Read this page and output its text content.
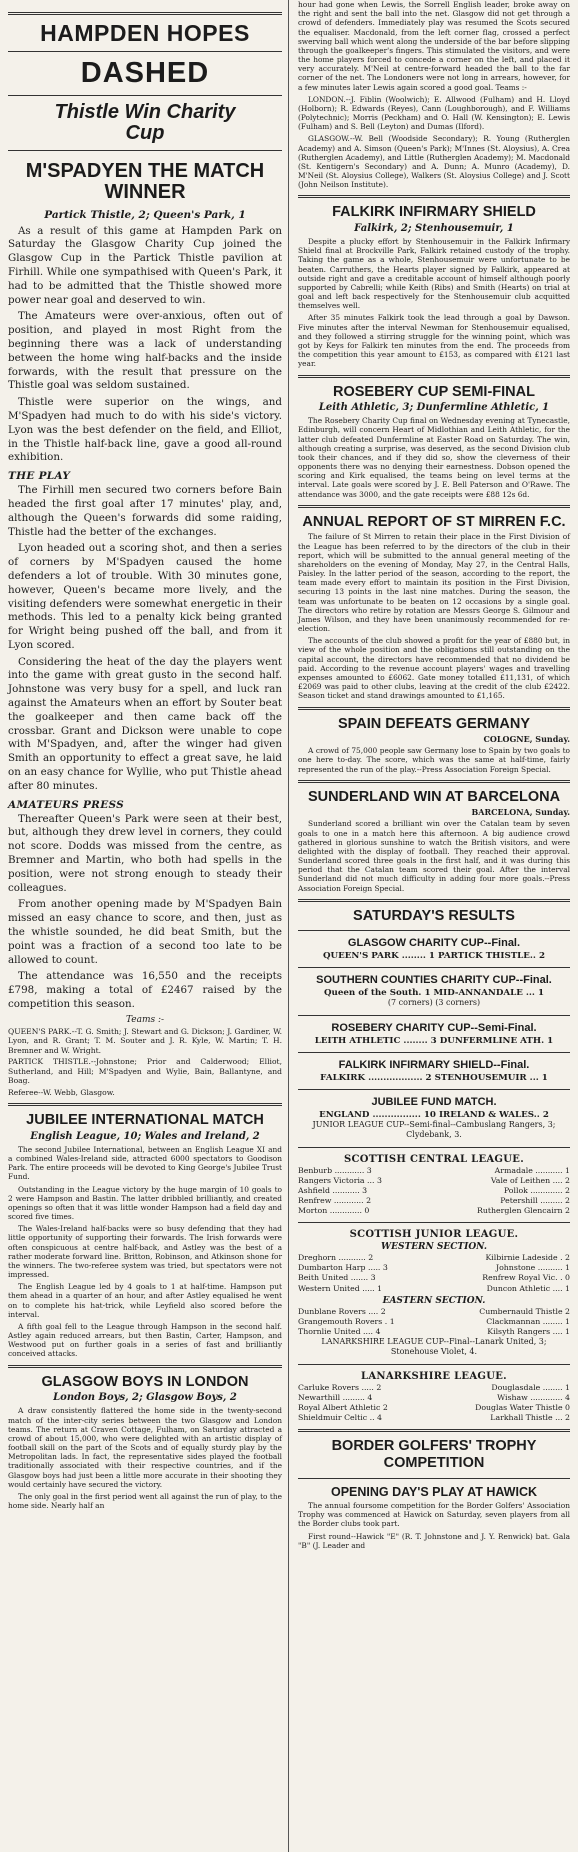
HAMPDEN HOPES
DASHED
Thistle Win Charity
Cup
M'SPADYEN THE MATCH WINNER
Partick Thistle, 2; Queen's Park, 1

As a result of this game at Hampden Park on Saturday the Glasgow Charity Cup joined the Glasgow Cup in the Partick Thistle pavilion at Firhill. While one sympathised with Queen's Park, it had to be admitted that the Thistle showed more power near goal and deserved to win.

The Amateurs were over-anxious, often out of position, and played in most Right from the beginning there was a lack of understanding between the home wing half-backs and the inside forwards, with the result that pressure on the Thistle goal was seldom sustained.

Thistle were superior on the wings, and M'Spadyen had much to do with his side's victory. Lyon was the best defender on the field, and Elliot, in the Thistle half-back line, gave a good all-round exhibition.

THE PLAY

The Firhill men secured two corners before Bain headed the first goal after 17 minutes' play, and, although the Queen's forwards did some raiding, Thistle had the better of the exchanges.

Lyon headed out a scoring shot, and then a series of corners by M'Spadyen caused the home defenders a lot of trouble. With 30 minutes gone, however, Queen's became more lively, and the visiting defenders were somewhat energetic in their methods. This led to a penalty kick being granted for Wright being pushed off the ball, and from it Lyon scored.

Considering the heat of the day the players went into the game with great gusto in the second half. Johnstone was very busy for a spell, and luck ran against the Amateurs when an effort by Souter beat the goalkeeper and then came back off the crossbar. Grant and Dickson were unable to cope with M'Spadyen, and, after the winger had given Smith an opportunity to effect a great save, he laid on an easy chance for Wyllie, who put Thistle ahead after 80 minutes.

AMATEURS PRESS

Thereafter Queen's Park were seen at their best, but, although they drew level in corners, they could not score. Dodds was missed from the centre, as Bremner and Martin, who both had spells in the position, were not strong enough to steady their colleagues.

From another opening made by M'Spadyen Bain missed an easy chance to score, and then, just as the whistle sounded, he did beat Smith, but the point was a fraction of a second too late to be allowed to count.

The attendance was 16,550 and the receipts £798, making a total of £2467 raised by the competition this season.

Teams :-
QUEEN'S PARK.--T. G. Smith; J. Stewart and G. Dickson; J. Gardiner, W. Lyon, and R. Grant; T. M. Souter and J. R. Kyle, W. Martin; T. H. Bremner and W. Wright.
PARTICK THISTLE.--Johnstone; Prior and Calderwood; Elliot, Sutherland, and Hill; M'Spadyen and Wylie, Bain, Ballantyne, and Boag.
Referee--W. Webb, Glasgow.
JUBILEE INTERNATIONAL MATCH
English League, 10; Wales and Ireland, 2

The second Jubilee International, between an English League XI and a combined Wales-Ireland side, attracted 6000 spectators to Goodison Park. The entire proceeds will be devoted to King George's Jubilee Trust Fund.

Outstanding in the League victory by the huge margin of 10 goals to 2 were Hampson and Bastin. The latter dribbled brilliantly, and created openings so often that it was little wonder Hampson had a field day and scored five times.

The Wales-Ireland half-backs were so busy defending that they had little opportunity of supporting their forwards. The Irish forwards were often conspicuous at centre half-back, and Astley was the best of a rather moderate forward line. Britton, Robinson, and Atkinson shone for the winners. The two-referee system was tried, but spectators were not impressed.

The English League led by 4 goals to 1 at half-time. Hampson put them ahead in a quarter of an hour, and after Astley equalised he went on to complete his hat-trick, while Leyfield also scored before the interval.

A fifth goal fell to the League through Hampson in the second half. Astley again reduced arrears, but then Bastin, Carter, Hampson, and Westwood put on further goals in a series of fast and brilliantly conceived attacks.

GLASGOW BOYS IN LONDON
London Boys, 2; Glasgow Boys, 2

A draw consistently flattered the home side in the twenty-second match of the inter-city series between the two Glasgow and London teams. The return at Craven Cottage, Fulham, on Saturday attracted a crowd of about 15,000, who were delighted with an artistic display of football skill on the part of the Scots and of equally sturdy play by the Metropolitan lads. In fact, the representative sides played the football traditionally associated with their respective countries, and if the Glasgow boys had just been a little more accurate in their shooting they would certainly have secured the victory.

The only goal in the first period went all against the run of play, to the home side. Nearly half an

hour had gone when Lewis, the Sorrell English leader, broke away on the right and sent the ball into the net. Glasgow did not get through a crowd of defenders. Immediately play was resumed the Scots secured the equaliser. Macdonald, from the left corner flag, crossed a perfect swerving ball which went along the underside of the bar before slipping through the goalkeeper's fingers. This stimulated the visitors, and were the home players forced to concede a corner on the left, and placed it very accurately. M'Neil at centre-forward headed the ball to the far corner of the net. The Londoners were not long in arrears, however, for a few minutes later Lewis again scored a good goal. Teams :-

LONDON.--J. Fiblin (Woolwich); E. Allwood (Fulham) and H. Lloyd (Holborn); R. Edwards (Reyes), Cann (Loughborough), and F. Williams (Polytechnic); Morris (Peckham) and O. Hall (W. Kensington); E. Lewis (Fulham) and S. Bell (Leyton) and Dumas (Ilford).

GLASGOW.--W. Bell (Woodside Secondary); R. Young (Rutherglen Academy) and A. Simson (Queen's Park); M'Innes (St. Aloysius), A. Crea (Rutherglen Academy), and Little (Rutherglen Academy); M. Macdonald (St. Kentigern's Secondary) and A. Dunn; A. Munro (Academy), D. M'Neil (St. Aloysius College), Walkers (St. Aloysius College) and J. Scott (John Neilson Institute).

FALKIRK INFIRMARY SHIELD
Falkirk, 2; Stenhousemuir, 1

Despite a plucky effort by Stenhousemuir in the Falkirk Infirmary Shield final at Brockville Park, Falkirk retained custody of the trophy. Taking the game as a whole, Stenhousemuir were unfortunate to be beaten. Carruthers, the Hearts player signed by Falkirk, appeared at outside right and gave a creditable account of himself although poorly supported by Cabrelli; while Keith (Ribs) and Smith (Hearts) on trial at goal and left back respectively for the Stenhousemuir club acquitted themselves well.

After 35 minutes Falkirk took the lead through a goal by Dawson. Five minutes after the interval Newman for Stenhousemuir equalised, and they followed a stirring struggle for the winning point, which was got by Keys for Falkirk ten minutes from the end. The proceeds from the competition this year amount to £153, as compared with £121 last year.

ROSEBERY CUP SEMI-FINAL
Leith Athletic, 3; Dunfermline Athletic, 1

The Rosebery Charity Cup final on Wednesday evening at Tynecastle, Edinburgh, will concern Heart of Midlothian and Leith Athletic, for the latter club defeated Dunfermline at Easter Road on Saturday. The win, although creating a surprise, was deserved, as the second Division club took their chances, and if they did so, show the cleverness of their opponents there was no denying their earnestness. Dobson opened the scoring and Kirk equalised, the teams being on level terms at the interval. Late goals were scored by J. E. Bell Paterson and O'Rawe. The attendance was 3000, and the gate receipts were £88 12s 6d.

ANNUAL REPORT OF ST MIRREN F.C.

The failure of St Mirren to retain their place in the First Division of the League has been referred to by the directors of the club in their report, which will be submitted to the annual general meeting of the shareholders on the evening of Monday, May 27, in the Central Halls, Paisley. In the latter period of the season, according to the report, the team made every effort to maintain its position in the First Division, securing 13 points in the last nine matches. During the season, the team was unfortunate to be beaten on 12 occasions by a single goal. The directors who retire by rotation are Messrs George S. Gilmour and James Wilson, and they have been unanimously recommended for re-election.

The accounts of the club showed a profit for the year of £880 but, in view of the whole position and the obligations still outstanding on the capital account, the directors have recommended that no dividend be paid. According to the revenue account players' wages and travelling expenses amounted to £6062. Gate money totalled £11,131, of which £2069 was paid to other clubs, leaving at the credit of the club £2422. Season ticket and stand drawings amounted to £1,165.

SPAIN DEFEATS GERMANY
COLOGNE, Sunday.

A crowd of 75,000 people saw Germany lose to Spain by two goals to one here to-day. The score, which was the same at half-time, fairly represented the run of the play.--Press Association Foreign Special.

SUNDERLAND WIN AT BARCELONA
BARCELONA, Sunday.

Sunderland scored a brilliant win over the Catalan team by seven goals to one in a match here this afternoon. A big audience crowd gathered in glorious sunshine to watch the British visitors, and were delighted with the display of football. They reached their approval. Sunderland scored three goals in the first half, and it was during this period that the Catalan team scored their goal. After the interval Sunderland did not much difficulty in adding four more goals.--Press Association Foreign Special.

SATURDAY'S RESULTS
GLASGOW CHARITY CUP--Final.
QUEEN'S PARK ........ 1 PARTICK THISTLE.. 2
SOUTHERN COUNTIES CHARITY CUP--Final.
Queen of the South. 1 MID-ANNANDALE ... 1
(7 corners) (3 corners)
ROSEBERY CHARITY CUP--Semi-Final.
LEITH ATHLETIC ........ 3 DUNFERMLINE ATH. 1
FALKIRK INFIRMARY SHIELD--Final.
FALKIRK .................. 2 STENHOUSEMUIR ... 1
JUBILEE FUND MATCH.
ENGLAND ................ 10 IRELAND & WALES.. 2
JUNIOR LEAGUE CUP--Semi-final--Cambuslang Rangers, 3; Clydebank, 3.
SCOTTISH CENTRAL LEAGUE.
Benburb ............ 3	Armadale ........... 1
Rangers Victoria ... 3	Vale of Leithen .... 2
Ashfield ........... 3	Pollok ............. 2
Renfrew ............ 2	Petershill ......... 2
Morton ............. 0	Rutherglen Glencairn 2
SCOTTISH JUNIOR LEAGUE.
WESTERN SECTION.
Dreghorn ........... 2	Kilbirnie Ladeside . 2
Dumbarton Harp ..... 3	Johnstone .......... 1
Beith United ....... 3	Renfrew Royal Vic. . 0
Western United ..... 1	Duncon Athletic .... 1
EASTERN SECTION.
Dunblane Rovers .... 2	Cumbernauld Thistle 2
Grangemouth Rovers . 1	Clackmannan ........ 1
Thornlie United .... 4	Kilsyth Rangers .... 1
LANARKSHIRE LEAGUE CUP--Final--Lanark United, 3; Stonehouse Violet, 4.
LANARKSHIRE LEAGUE.
Carluke Rovers ..... 2	Douglasdale ........ 1
Newarthill ......... 4	Wishaw ............. 4
Royal Albert Athletic 2	Douglas Water Thistle 0
Shieldmuir Celtic .. 4	Larkhall Thistle ... 2
BORDER GOLFERS' TROPHY COMPETITION
OPENING DAY'S PLAY AT HAWICK

The annual foursome competition for the Border Golfers' Association Trophy was commenced at Hawick on Saturday, seven players from all the Border clubs took part.

First round--Hawick "E" (R. T. Johnstone and J. Y. Renwick) bat. Gala "B" (J. Leader and
